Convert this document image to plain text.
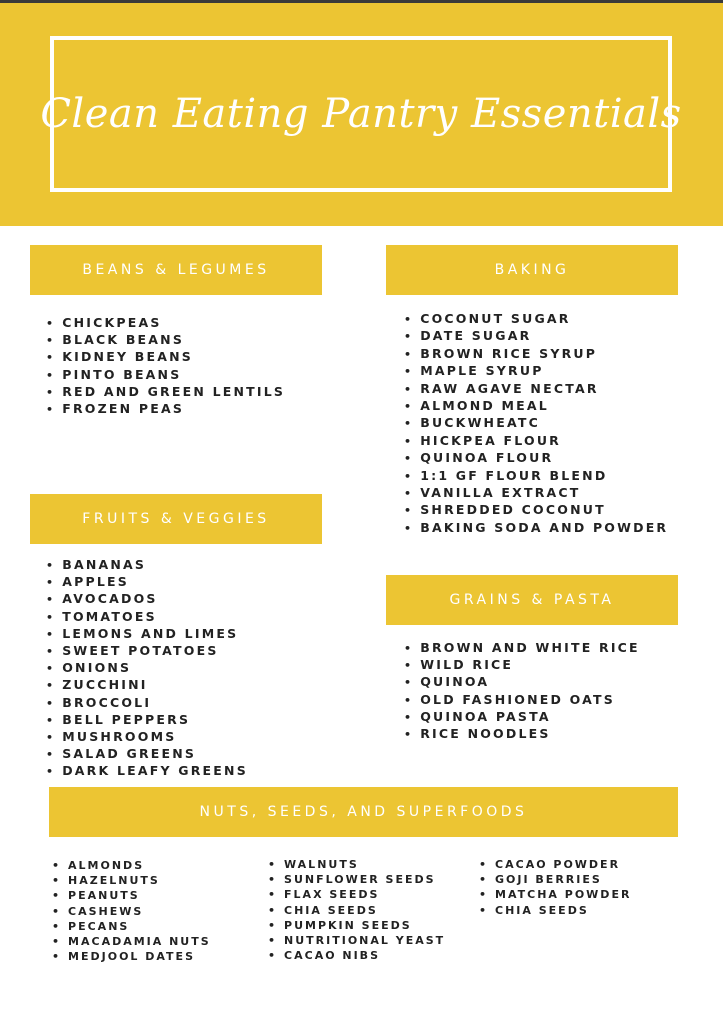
Clean Eating Pantry Essentials
BEANS & LEGUMES
• CHICKPEAS
• BLACK BEANS
• KIDNEY BEANS
• PINTO BEANS
• RED AND GREEN LENTILS
• FROZEN PEAS
BAKING
• COCONUT SUGAR
• DATE SUGAR
• BROWN RICE SYRUP
• MAPLE SYRUP
• RAW AGAVE NECTAR
• ALMOND MEAL
• BUCKWHEATC
• HICKPEA FLOUR
• QUINOA FLOUR
• 1:1 GF FLOUR BLEND
• VANILLA EXTRACT
• SHREDDED COCONUT
• BAKING SODA AND POWDER
FRUITS & VEGGIES
• BANANAS
• APPLES
• AVOCADOS
• TOMATOES
• LEMONS AND LIMES
• SWEET POTATOES
• ONIONS
• ZUCCHINI
• BROCCOLI
• BELL PEPPERS
• MUSHROOMS
• SALAD GREENS
• DARK LEAFY GREENS
GRAINS & PASTA
• BROWN AND WHITE RICE
• WILD RICE
• QUINOA
• OLD FASHIONED OATS
• QUINOA PASTA
• RICE NOODLES
NUTS, SEEDS, AND SUPERFOODS
• ALMONDS
• HAZELNUTS
• PEANUTS
• CASHEWS
• PECANS
• MACADAMIA NUTS
• MEDJOOL DATES
• WALNUTS
• SUNFLOWER SEEDS
• FLAX SEEDS
• CHIA SEEDS
• PUMPKIN SEEDS
• NUTRITIONAL YEAST
• CACAO NIBS
• CACAO POWDER
• GOJI BERRIES
• MATCHA POWDER
• CHIA SEEDS
